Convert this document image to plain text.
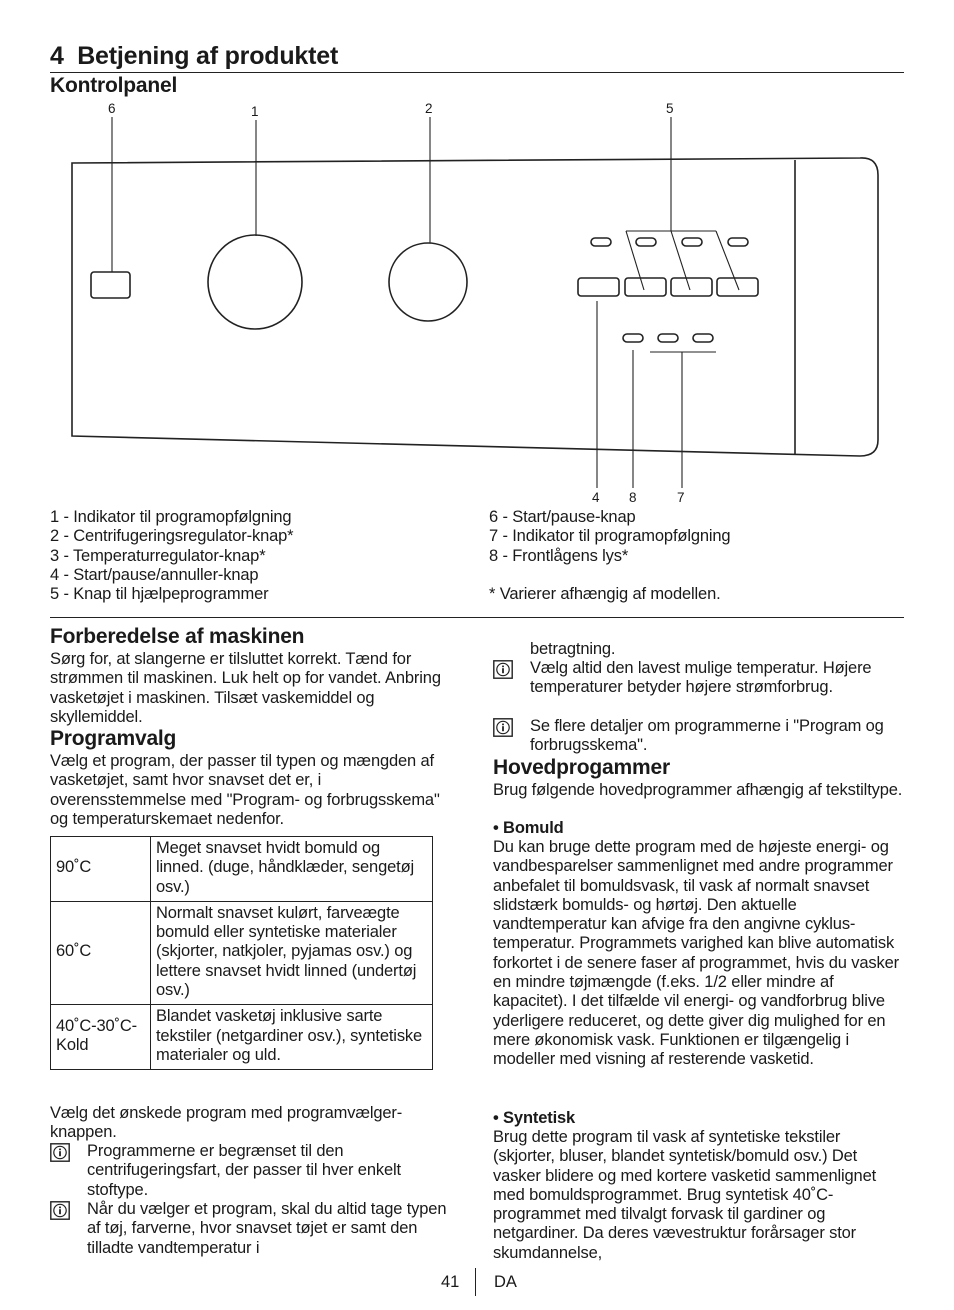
4  Betjening af produktet
Kontrolpanel
6	1	2	5
4 8	7
1 - Indikator til programopfølgning
2 - Centrifugeringsregulator-knap*
3 - Temperaturregulator-knap*
4 - Start/pause/annuller-knap
5 - Knap til hjælpeprogrammer
6 - Start/pause-knap
7 - Indikator til programopfølgning
8 - Frontlågens lys*

* Varierer afhængig af modellen.
Forberedelse af maskinen
Sørg for, at slangerne er tilsluttet korrekt. Tænd for strømmen til maskinen. Luk helt op for vandet. Anbring vasketøjet i maskinen. Tilsæt vaskemiddel og skyllemiddel.
Programvalg
Vælg et program, der passer til typen og mængden af vasketøjet, samt hvor snavset det er, i overensstemmelse med "Program- og forbrugsskema" og temperaturskemaet nedenfor.
90˚C	Meget snavset hvidt bomuld og linned. (duge, håndklæder, sengetøj osv.)
60˚C	Normalt snavset kulørt, farveægte bomuld eller syntetiske materialer (skjorter, natkjoler, pyjamas osv.) og lettere snavset hvidt linned (undertøj osv.)
40˚C-30˚C- Kold	Blandet vasketøj inklusive sarte tekstiler (netgardiner osv.), syntetiske materialer og uld.
Vælg det ønskede program med programvælger-knappen.
Programmerne er begrænset til den centrifugeringsfart, der passer til hver enkelt stoftype.
Når du vælger et program, skal du altid tage typen af tøj, farverne, hvor snavset tøjet er samt den tilladte vandtemperatur i
betragtning.
Vælg altid den lavest mulige temperatur. Højere temperaturer betyder højere strømforbrug.
Se flere detaljer om programmerne i "Program og forbrugsskema".
Hovedprogammer
Brug følgende hovedprogrammer afhængig af tekstiltype.
• Bomuld
Du kan bruge dette program med de højeste energi- og vandbesparelser sammenlignet med andre programmer anbefalet til bomuldsvask, til vask af normalt snavset slidstærk bomulds- og hørtøj. Den aktuelle vandtemperatur kan afvige fra den angivne cyklus-temperatur. Programmets varighed kan blive automatisk forkortet i de senere faser af programmet, hvis du vasker en mindre tøjmængde (f.eks. 1/2 eller mindre af kapacitet). I det tilfælde vil energi- og vandforbrug blive yderligere reduceret, og dette giver dig mulighed for en mere økonomisk vask. Funktionen er tilgængelig i modeller med visning af resterende vasketid.
• Syntetisk
Brug dette program til vask af syntetiske tekstiler (skjorter, bluser, blandet syntetisk/bomuld osv.) Det vasker blidere og med kortere vasketid sammenlignet med bomuldsprogrammet. Brug syntetisk 40˚C-programmet med tilvalgt forvask til gardiner og netgardiner. Da deres vævestruktur forårsager stor skumdannelse,
41 DA
